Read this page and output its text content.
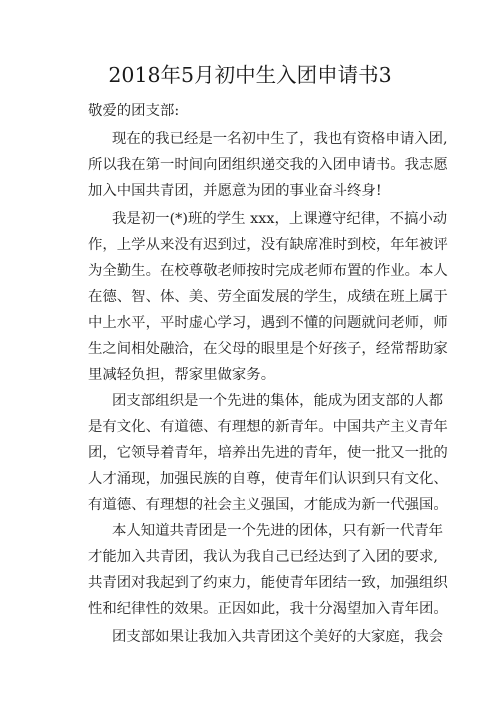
2018年5月初中生入团申请书3
敬爱的团支部:
现在的我已经是一名初中生了，我也有资格申请入团,
所以我在第一时间向团组织递交我的入团申请书。我志愿
加入中国共青团，并愿意为团的事业奋斗终身!
我是初一(*)班的学生 xxx，上课遵守纪律，不搞小动
作，上学从来没有迟到过，没有缺席准时到校，年年被评
为全勤生。在校尊敬老师按时完成老师布置的作业。本人
在德、智、体、美、劳全面发展的学生，成绩在班上属于
中上水平，平时虚心学习，遇到不懂的问题就问老师，师
生之间相处融洽，在父母的眼里是个好孩子，经常帮助家
里减轻负担，帮家里做家务。
团支部组织是一个先进的集体，能成为团支部的人都
是有文化、有道德、有理想的新青年。中国共产主义青年
团，它领导着青年，培养出先进的青年，使一批又一批的
人才涌现，加强民族的自尊，使青年们认识到只有文化、
有道德、有理想的社会主义强国，才能成为新一代强国。
本人知道共青团是一个先进的团体，只有新一代青年
才能加入共青团，我认为我自己已经达到了入团的要求,
共青团对我起到了约束力，能使青年团结一致，加强组织
性和纪律性的效果。正因如此，我十分渴望加入青年团。
团支部如果让我加入共青团这个美好的大家庭，我会
